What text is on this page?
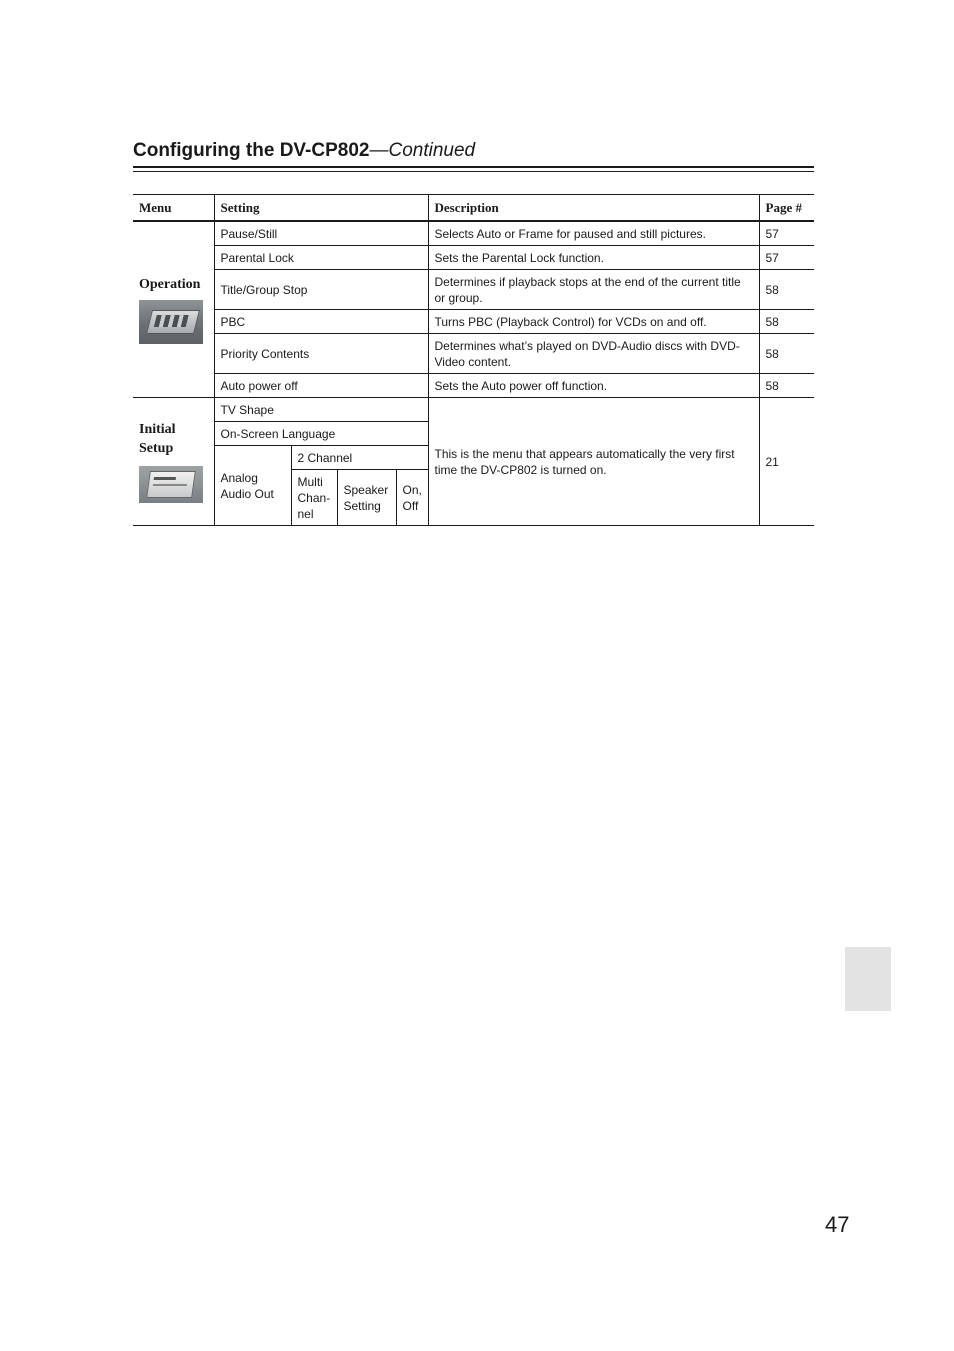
Configuring the DV-CP802—Continued
Menu	Setting				Description	Page #

Operation	Pause/Still				Selects Auto or Frame for paused and still pictures.	57
	Parental Lock				Sets the Parental Lock function.	57
	Title/Group Stop				Determines if playback stops at the end of the current title or group.	58
	PBC				Turns PBC (Playback Control) for VCDs on and off.	58
	Priority Contents				Determines what’s played on DVD-Audio discs with DVD-Video content.	58
	Auto power off				Sets the Auto power off function.	58

Initial Setup	TV Shape				This is the menu that appears automatically the very first time the DV-CP802 is turned on.	21
	On-Screen Language					
	Analog Audio Out	2 Channel				
		Multi Chan-nel	Speaker Setting	On, Off		
47
